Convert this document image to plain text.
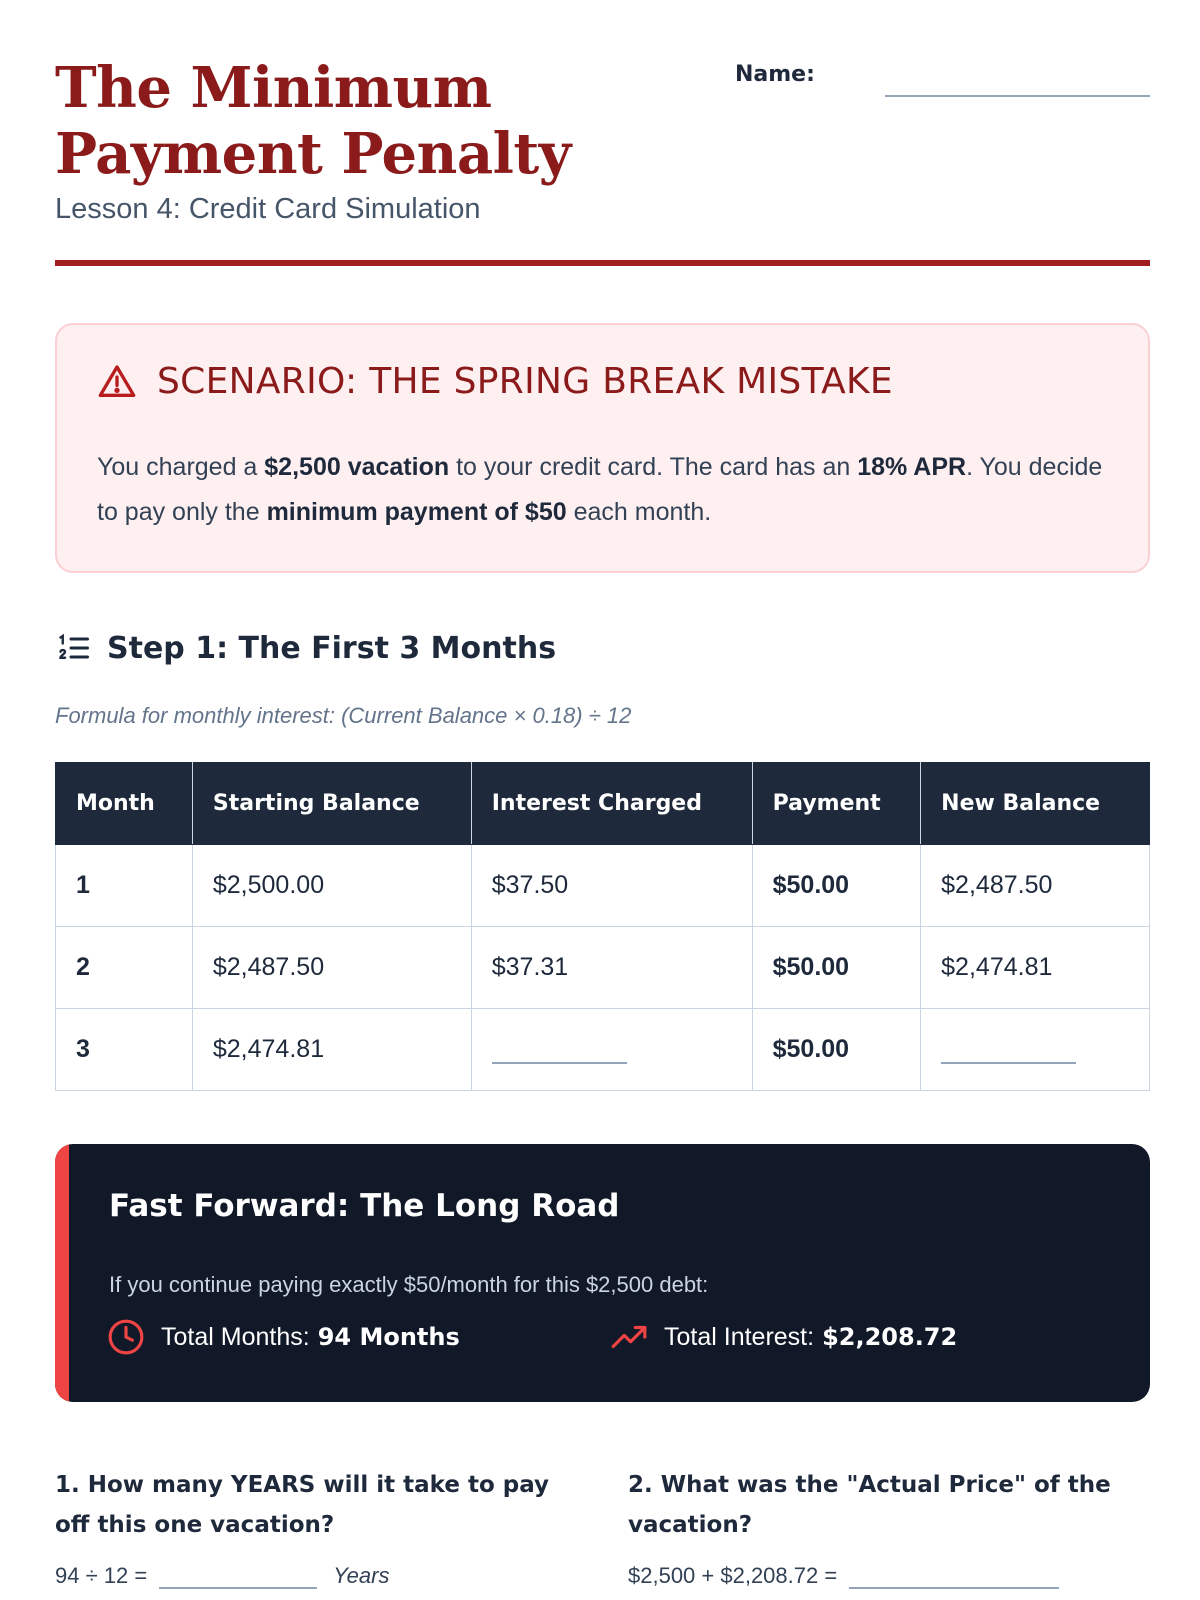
The Minimum Payment Penalty
Lesson 4: Credit Card Simulation
Name:
SCENARIO: THE SPRING BREAK MISTAKE

You charged a $2,500 vacation to your credit card. The card has an 18% APR. You decide to pay only the minimum payment of $50 each month.

Step 1: The First 3 Months
Formula for monthly interest: (Current Balance × 0.18) ÷ 12
Month	Starting Balance	Interest Charged	Payment	New Balance
1	$2,500.00	$37.50	$50.00	$2,487.50
2	$2,487.50	$37.31	$50.00	$2,474.81
3	$2,474.81		$50.00	
Fast Forward: The Long Road
If you continue paying exactly $50/month for this $2,500 debt:
Total Months: 94 Months	Total Interest: $2,208.72
1. How many YEARS will it take to pay off this one vacation?
94 ÷ 12 =	Years
2. What was the "Actual Price" of the vacation?
$2,500 + $2,208.72 =
